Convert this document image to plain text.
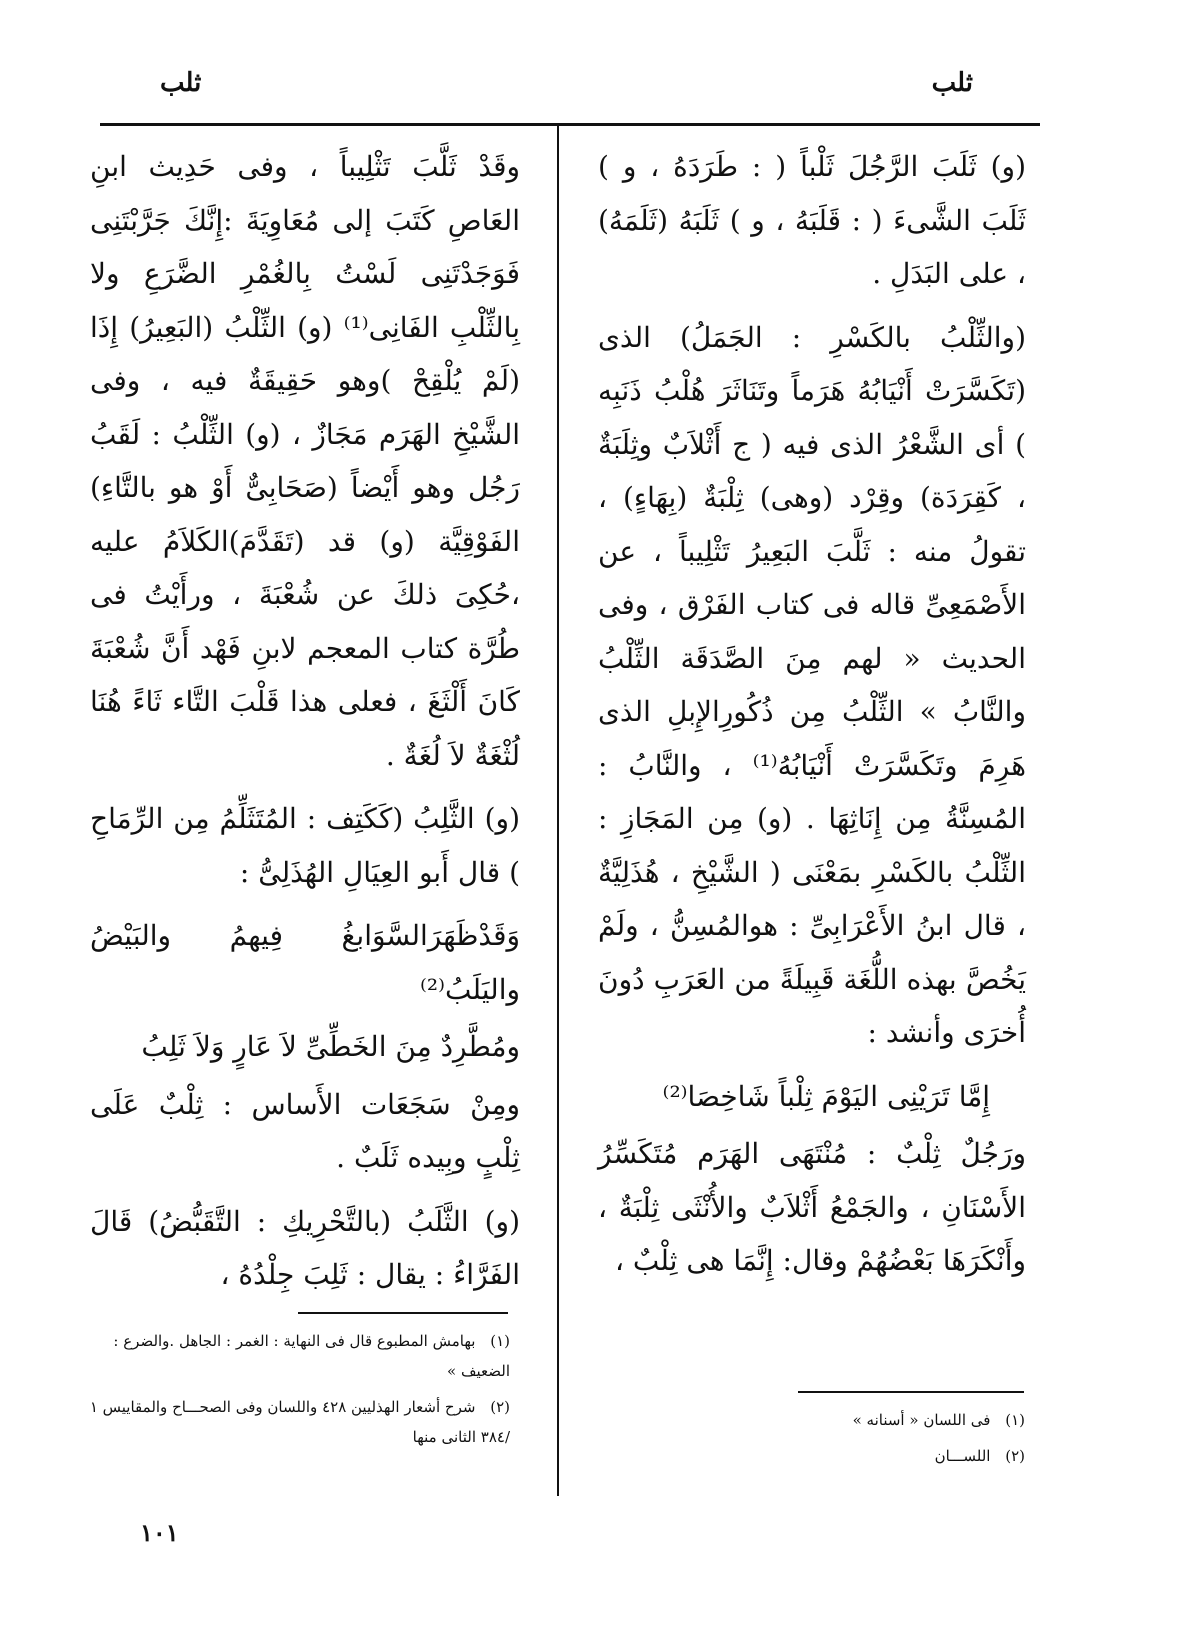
ثلب
ثلب

(و) ثَلَبَ الرَّجُلَ ثَلْباً ( : طَرَدَهُ ، و ) ثَلَبَ الشَّىءَ ( : قَلَبَهُ ، و ) ثَلَبَهُ (ثَلَمَهُ) ، على البَدَلِ .

(والثِّلْبُ بالكَسْرِ : الجَمَلُ) الذى (تَكَسَّرَتْ أَنْيَابُهُ هَرَماً وتَنَاثَرَ هُلْبُ ذَنَبِه ) أى الشَّعْرُ الذى فيه ( ج أَثْلاَبٌ وثِلَبَةٌ ، كَقِرَدَة) وقِرْد (وهى) ثِلْبَةٌ (بِهَاءٍ) ، تقولُ منه : ثَلَّبَ البَعِيرُ تَثْلِيباً ، عن الأَصْمَعِىِّ قاله فى كتاب الفَرْق ، وفى الحديث « لهم مِنَ الصَّدَقَة الثِّلْبُ والنَّابُ » الثِّلْبُ مِن ذُكُورِالإِبلِ الذى هَرِمَ وتَكَسَّرَتْ أَنْيَابُهُ⁽¹⁾ ، والنَّابُ : المُسِنَّةُ مِن إِنَاثِهَا . (و) مِن المَجَازِ : الثِّلْبُ بالكَسْرِ بمَعْنَى ( الشَّيْخِ ، هُذَلِيَّةٌ ، قال ابنُ الأَعْرَابِىِّ : هوالمُسِنُّ ، ولَمْ يَخُصَّ بهذه اللُّغَة قَبِيلَةً من العَرَبِ دُونَ أُخرَى وأنشد :

إِمَّا تَرَيْنِى اليَوْمَ ثِلْباً شَاخِصَا⁽²⁾

ورَجُلٌ ثِلْبٌ : مُنْتَهَى الهَرَم مُتَكَسِّرُ الأَسْنَانِ ، والجَمْعُ أَثْلاَبٌ والأُنْثَى ثِلْبَةٌ ، وأَنْكَرَهَا بَعْضُهُمْ وقال: إِنَّمَا هى ثِلْبٌ ،

(١) فى اللسان « أسنانه »
(٢) اللســـان

وقَدْ ثَلَّبَ تَثْلِيباً ، وفى حَدِيث ابنِ العَاصِ كَتَبَ إلى مُعَاوِيَةَ :إِنَّكَ جَرَّبْتَنِى فَوَجَدْتَنِى لَسْتُ بِالغُمْرِ الضَّرَعِ ولا بِالثِّلْبِ الفَانِى⁽¹⁾ (و) الثِّلْبُ (البَعِيرُ) إِذَا (لَمْ يُلْقِحْ )وهو حَقِيقَةٌ فيه ، وفى الشَّيْخِ الهَرَم مَجَازٌ ، (و) الثِّلْبُ : لَقَبُ رَجُل وهو أَيْضاً (صَحَابِىٌّ أَوْ هو بالتَّاءِ) الفَوْقِيَّة (و) قد (تَقَدَّمَ)الكَلاَمُ عليه ،حُكِىَ ذلكَ عن شُعْبَةَ ، ورأَيْتُ فى طُرَّة كتاب المعجم لابنِ فَهْد أَنَّ شُعْبَةَ كَانَ أَلْثَغَ ، فعلى هذا قَلْبَ التَّاء ثَاءً هُنَا لُثْغَةٌ لاَ لُغَةٌ .

(و) الثَّلِبُ (كَكَتِف : المُتَثَلِّمُ مِن الرِّمَاحِ ) قال أَبو العِيَالِ الهُذَلِىُّ :

وَقَدْظَهَرَالسَّوَابغُ فِيهمُ والبَيْضُ واليَلَبُ⁽²⁾

ومُطَّرِدٌ مِنَ الخَطِّىِّ لاَ عَارٍ وَلاَ ثَلِبُ

ومِنْ سَجَعَات الأَساس : ثِلْبٌ عَلَى ثِلْبٍ وبِيده ثَلَبٌ .

(و) الثَّلَبُ (بالتَّحْرِيكِ : التَّقَبُّضُ) قَالَ الفَرَّاءُ : يقال : ثَلِبَ جِلْدُهُ ،

(١) بهامش المطبوع قال فى النهاية : الغمر : الجاهل .والضرع : الضعيف »
(٢) شرح أشعار الهذليين ٤٢٨ واللسان وفى الصحـــاح والمقاييس ١ /٣٨٤ الثانى منها
١٠١
